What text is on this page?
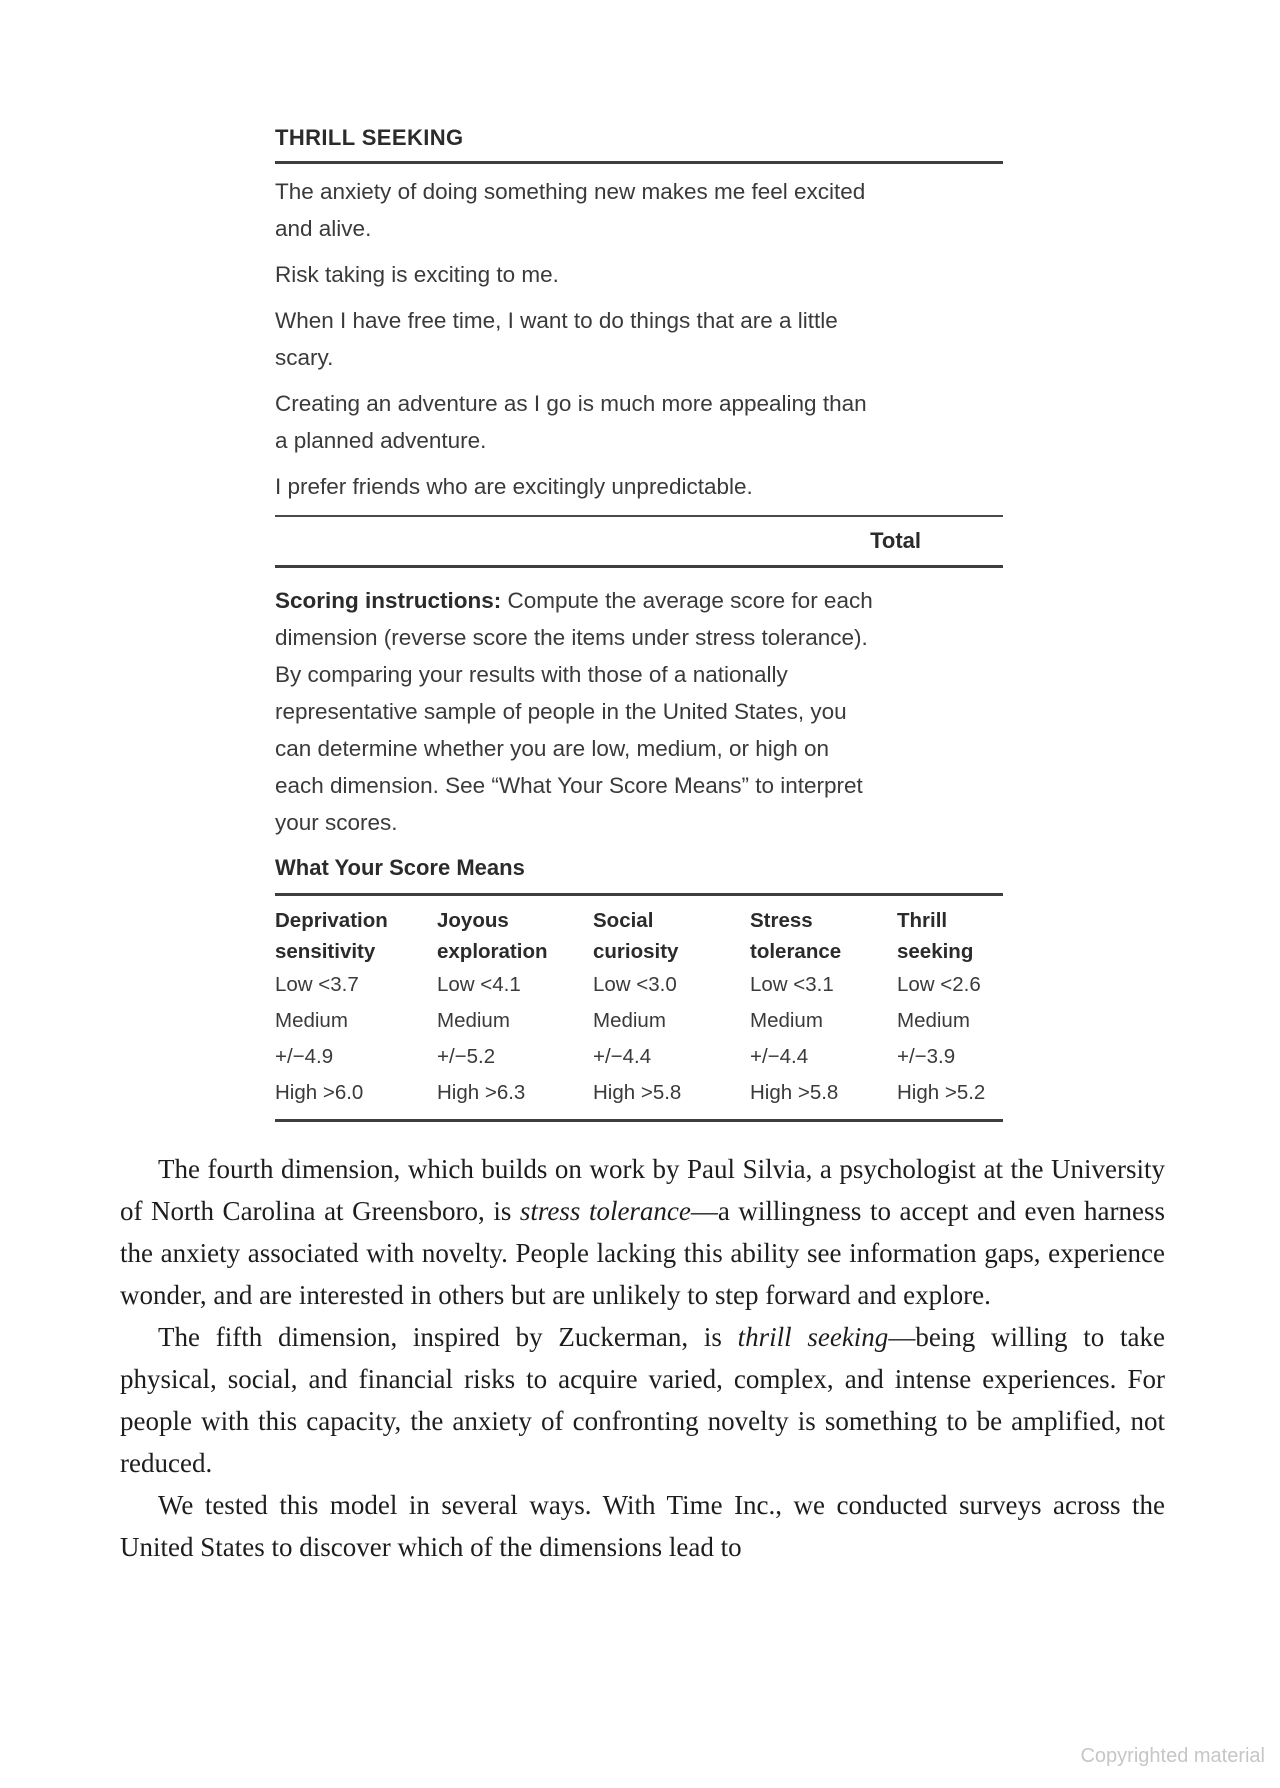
THRILL SEEKING
The anxiety of doing something new makes me feel excited
and alive.
Risk taking is exciting to me.
When I have free time, I want to do things that are a little
scary.
Creating an adventure as I go is much more appealing than
a planned adventure.
I prefer friends who are excitingly unpredictable.
Total
Scoring instructions: Compute the average score for each
dimension (reverse score the items under stress tolerance).
By comparing your results with those of a nationally
representative sample of people in the United States, you
can determine whether you are low, medium, or high on
each dimension. See “What Your Score Means” to interpret
your scores.
What Your Score Means
Deprivation sensitivity
Low <3.7
Medium
+/−4.9
High >6.0
Joyous exploration
Low <4.1
Medium
+/−5.2
High >6.3
Social curiosity
Low <3.0
Medium
+/−4.4
High >5.8
Stress tolerance
Low <3.1
Medium
+/−4.4
High >5.8
Thrill seeking
Low <2.6
Medium
+/−3.9
High >5.2

The fourth dimension, which builds on work by Paul Silvia, a psychologist at the University of North Carolina at Greensboro, is stress tolerance—a willingness to accept and even harness the anxiety associated with novelty. People lacking this ability see information gaps, experience wonder, and are interested in others but are unlikely to step forward and explore.

The fifth dimension, inspired by Zuckerman, is thrill seeking—being willing to take physical, social, and financial risks to acquire varied, complex, and intense experiences. For people with this capacity, the anxiety of confronting novelty is something to be amplified, not reduced.

We tested this model in several ways. With Time Inc., we conducted surveys across the United States to discover which of the dimensions lead to

Copyrighted material
